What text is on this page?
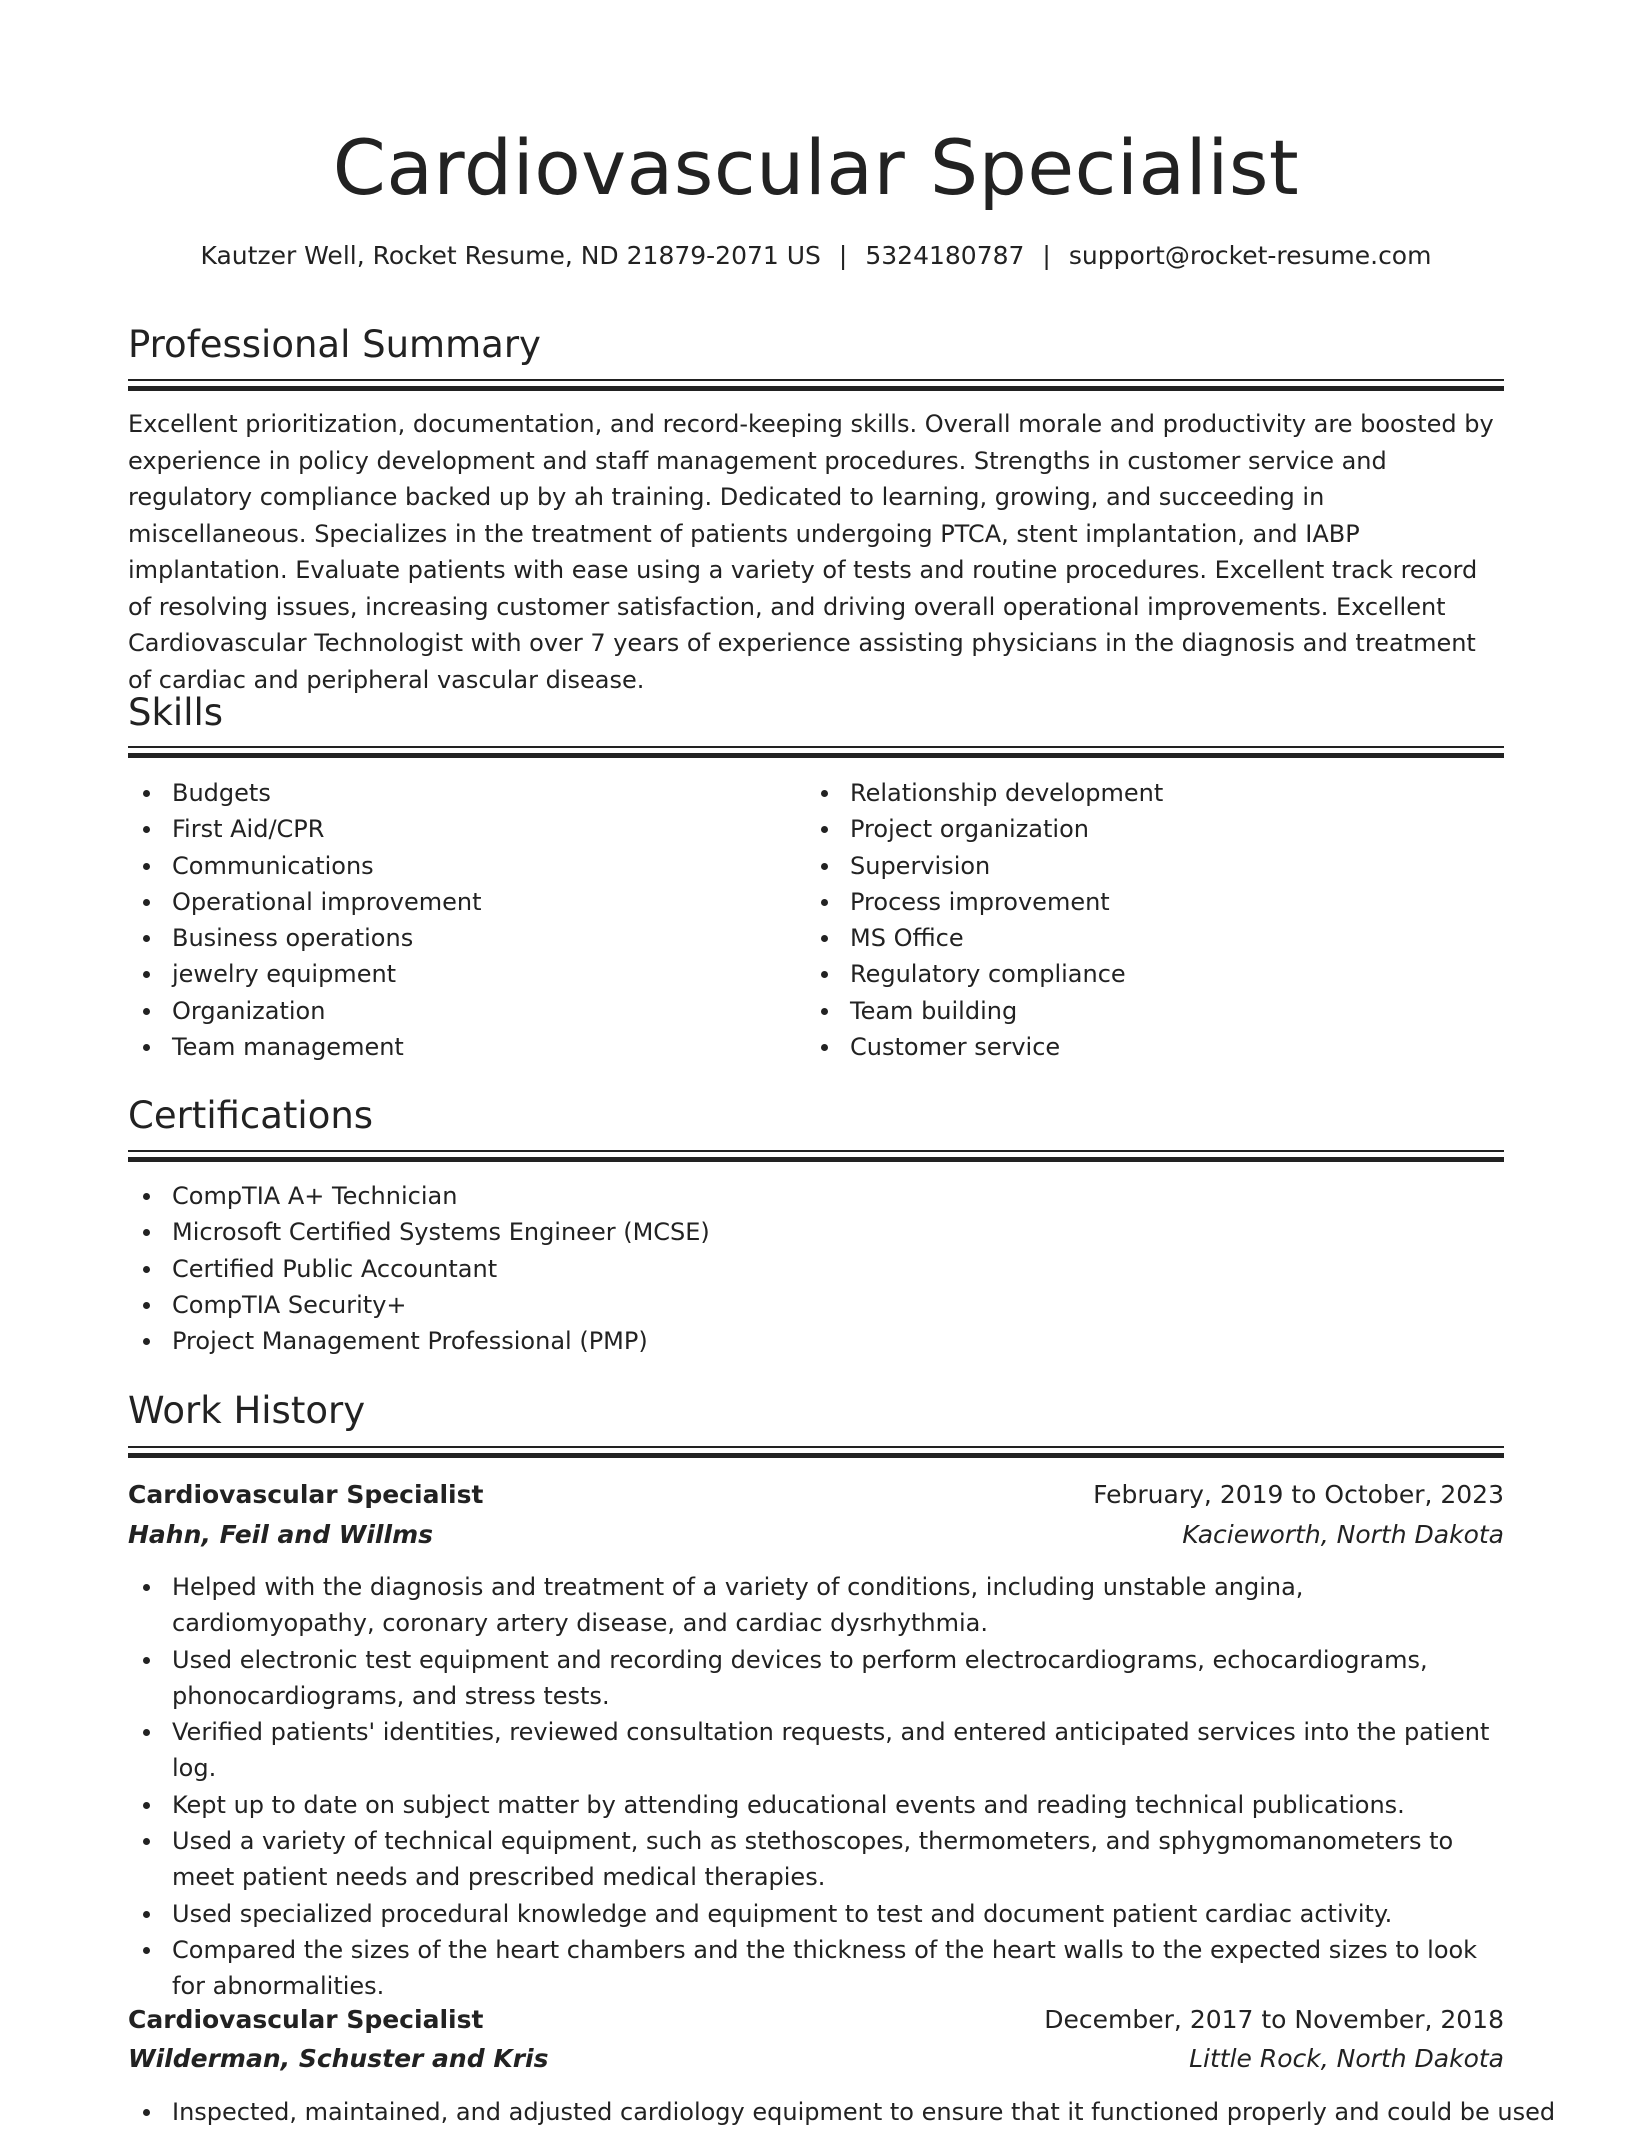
Cardiovascular Specialist
Kautzer Well, Rocket Resume, ND 21879-2071 US | 5324180787 | support@rocket-resume.com
Professional Summary

Excellent prioritization, documentation, and record-keeping skills. Overall morale and productivity are boosted by experience in policy development and staff management procedures. Strengths in customer service and regulatory compliance backed up by ah training. Dedicated to learning, growing, and succeeding in miscellaneous. Specializes in the treatment of patients undergoing PTCA, stent implantation, and IABP implantation. Evaluate patients with ease using a variety of tests and routine procedures. Excellent track record of resolving issues, increasing customer satisfaction, and driving overall operational improvements. Excellent Cardiovascular Technologist with over 7 years of experience assisting physicians in the diagnosis and treatment of cardiac and peripheral vascular disease.

Skills
Budgets
First Aid/CPR
Communications
Operational improvement
Business operations
jewelry equipment
Organization
Team management
Relationship development
Project organization
Supervision
Process improvement
MS Office
Regulatory compliance
Team building
Customer service
Certifications
CompTIA A+ Technician
Microsoft Certified Systems Engineer (MCSE)
Certified Public Accountant
CompTIA Security+
Project Management Professional (PMP)
Work History
Cardiovascular Specialist	February, 2019 to October, 2023
Hahn, Feil and Willms	Kacieworth, North Dakota
Helped with the diagnosis and treatment of a variety of conditions, including unstable angina, cardiomyopathy, coronary artery disease, and cardiac dysrhythmia.
Used electronic test equipment and recording devices to perform electrocardiograms, echocardiograms, phonocardiograms, and stress tests.
Verified patients' identities, reviewed consultation requests, and entered anticipated services into the patient log.
Kept up to date on subject matter by attending educational events and reading technical publications.
Used a variety of technical equipment, such as stethoscopes, thermometers, and sphygmomanometers to meet patient needs and prescribed medical therapies.
Used specialized procedural knowledge and equipment to test and document patient cardiac activity.
Compared the sizes of the heart chambers and the thickness of the heart walls to the expected sizes to look for abnormalities.
Cardiovascular Specialist	December, 2017 to November, 2018
Wilderman, Schuster and Kris	Little Rock, North Dakota
Inspected, maintained, and adjusted cardiology equipment to ensure that it functioned properly and could be used
